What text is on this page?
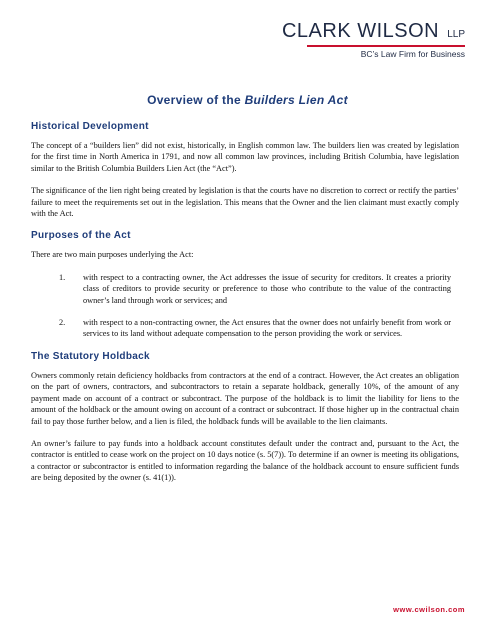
CLARK WILSON LLP
BC’s Law Firm for Business
Overview of the Builders Lien Act
Historical Development

The concept of a “builders lien” did not exist, historically, in English common law. The builders lien was created by legislation for the first time in North America in 1791, and now all common law provinces, including British Columbia, have legislation similar to the British Columbia Builders Lien Act (the “Act”).

The significance of the lien right being created by legislation is that the courts have no discretion to correct or rectify the parties’ failure to meet the requirements set out in the legislation. This means that the Owner and the lien claimant must exactly comply with the Act.

Purposes of the Act

There are two main purposes underlying the Act:

1.	with respect to a contracting owner, the Act addresses the issue of security for creditors. It creates a priority class of creditors to provide security or preference to those who contribute to the value of the contracting owner’s land through work or services; and
2.	with respect to a non-contracting owner, the Act ensures that the owner does not unfairly benefit from work or services to its land without adequate compensation to the person providing the work or services.
The Statutory Holdback

Owners commonly retain deficiency holdbacks from contractors at the end of a contract. However, the Act creates an obligation on the part of owners, contractors, and subcontractors to retain a separate holdback, generally 10%, of the amount of any payment made on account of a contract or subcontract. The purpose of the holdback is to limit the liability for liens to the amount of the holdback or the amount owing on account of a contract or subcontract. If those higher up in the contractual chain fail to pay those further below, and a lien is filed, the holdback funds will be available to the lien claimants.

An owner’s failure to pay funds into a holdback account constitutes default under the contract and, pursuant to the Act, the contractor is entitled to cease work on the project on 10 days notice (s. 5(7)). To determine if an owner is meeting its obligations, a contractor or subcontractor is entitled to information regarding the balance of the holdback account to ensure sufficient funds are being deposited by the owner (s. 41(1)).

www.cwilson.com
